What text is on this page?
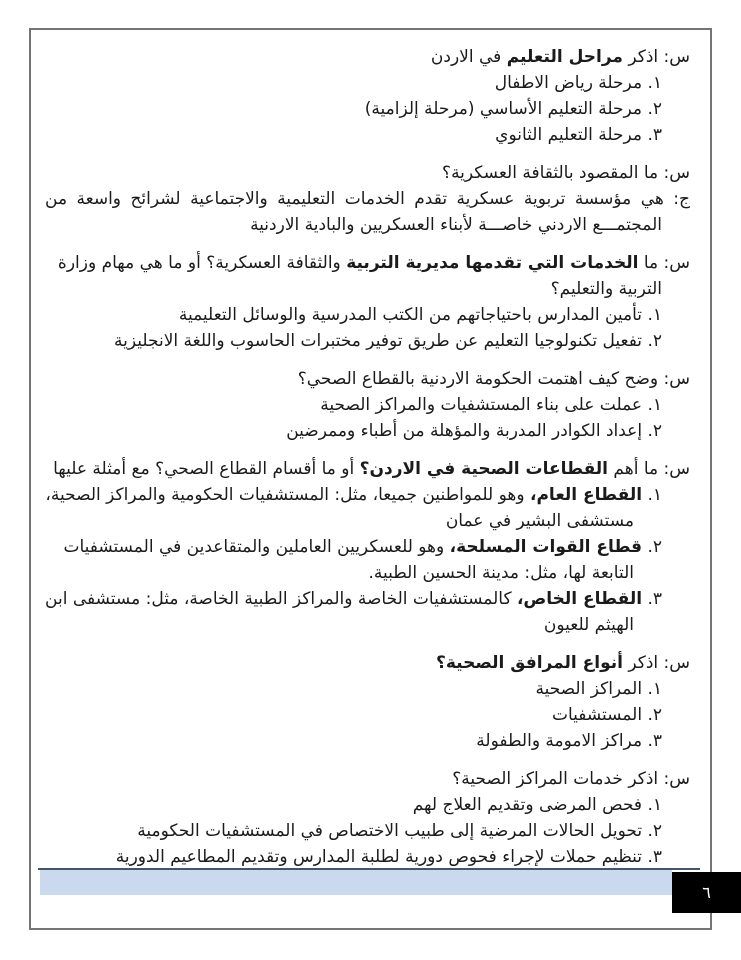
س: اذكر مراحل التعليم في الاردن

١. مرحلة رياض الاطفال

٢. مرحلة التعليم الأساسي (مرحلة إلزامية)

٣. مرحلة التعليم الثانوي

س: ما المقصود بالثقافة العسكرية؟

ج: هي مؤسسة تربوية عسكرية تقدم الخدمات التعليمية والاجتماعية لشرائح واسعة من المجتمـــع الاردني خاصـــة لأبناء العسكريين والبادية الاردنية

س: ما الخدمات التي تقدمها مديرية التربية والثقافة العسكرية؟ أو ما هي مهام وزارة التربية والتعليم؟

١. تأمين المدارس باحتياجاتهم من الكتب المدرسية والوسائل التعليمية

٢. تفعيل تكنولوجيا التعليم عن طريق توفير مختبرات الحاسوب واللغة الانجليزية

س: وضح كيف اهتمت الحكومة الاردنية بالقطاع الصحي؟

١. عملت على بناء المستشفيات والمراكز الصحية

٢. إعداد الكوادر المدربة والمؤهلة من أطباء وممرضين

س: ما أهم القطاعات الصحية في الاردن؟ أو ما أقسام القطاع الصحي؟ مع أمثلة عليها

١. القطاع العام، وهو للمواطنين جميعا، مثل: المستشفيات الحكومية والمراكز الصحية، مستشفى البشير في عمان

٢. قطاع القوات المسلحة، وهو للعسكريين العاملين والمتقاعدين في المستشفيات التابعة لها، مثل: مدينة الحسين الطبية.

٣. القطاع الخاص، كالمستشفيات الخاصة والمراكز الطبية الخاصة، مثل: مستشفى ابن الهيثم للعيون

س: اذكر أنواع المرافق الصحية؟

١. المراكز الصحية

٢. المستشفيات

٣. مراكز الامومة والطفولة

س: اذكر خدمات المراكز الصحية؟

١. فحص المرضى وتقديم العلاج لهم

٢. تحويل الحالات المرضية إلى طبيب الاختصاص في المستشفيات الحكومية

٣. تنظيم حملات لإجراء فحوص دورية لطلبة المدارس وتقديم المطاعيم الدورية

٦
